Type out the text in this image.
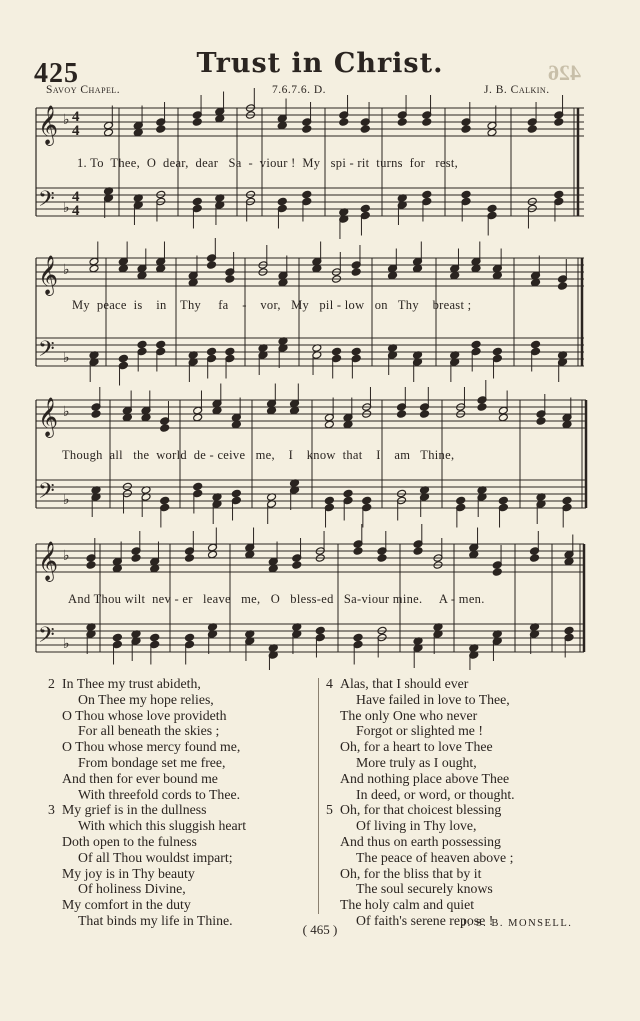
425	Trust in Christ.	426
Savoy Chapel.	7.6.7.6. D.	J. B. Calkin.
𝄞 ♭ 4
4
𝄢 ♭
4
4
𝄞 ♭
𝄢 ♭
𝄞 ♭
𝄢 ♭
𝄞 ♭
𝄢 ♭
1. To  Thee,  O  dear,  dear   Sa  -  viour !  My   spi - rit  turns  for   rest,
My  peace  is    in    Thy     fa    -    vor,   My   pil - low   on   Thy    breast ;
Though  all   the  world  de - ceive   me,    I    know  that    I    am   Thine,
And Thou wilt  nev - er   leave   me,   O   bless-ed   Sa-viour mine.     A - men.
2 In Thee my trust abideth,
On Thee my hope relies,
O Thou whose love provideth
For all beneath the skies ;
O Thou whose mercy found me,
From bondage set me free,
And then for ever bound me
With threefold cords to Thee.
3 My grief is in the dullness
With which this sluggish heart
Doth open to the fulness
Of all Thou wouldst impart;
My joy is in Thy beauty
Of holiness Divine,
My comfort in the duty
That binds my life in Thine.
4 Alas, that I should ever
Have failed in love to Thee,
The only One who never
Forgot or slighted me !
Oh, for a heart to love Thee
More truly as I ought,
And nothing place above Thee
In deed, or word, or thought.
5 Oh, for that choicest blessing
Of living in Thy love,
And thus on earth possessing
The peace of heaven above ;
Oh, for the bliss that by it
The soul securely knows
The holy calm and quiet
Of faith's serene repose !
( 465 )	J. S. B. MONSELL.
